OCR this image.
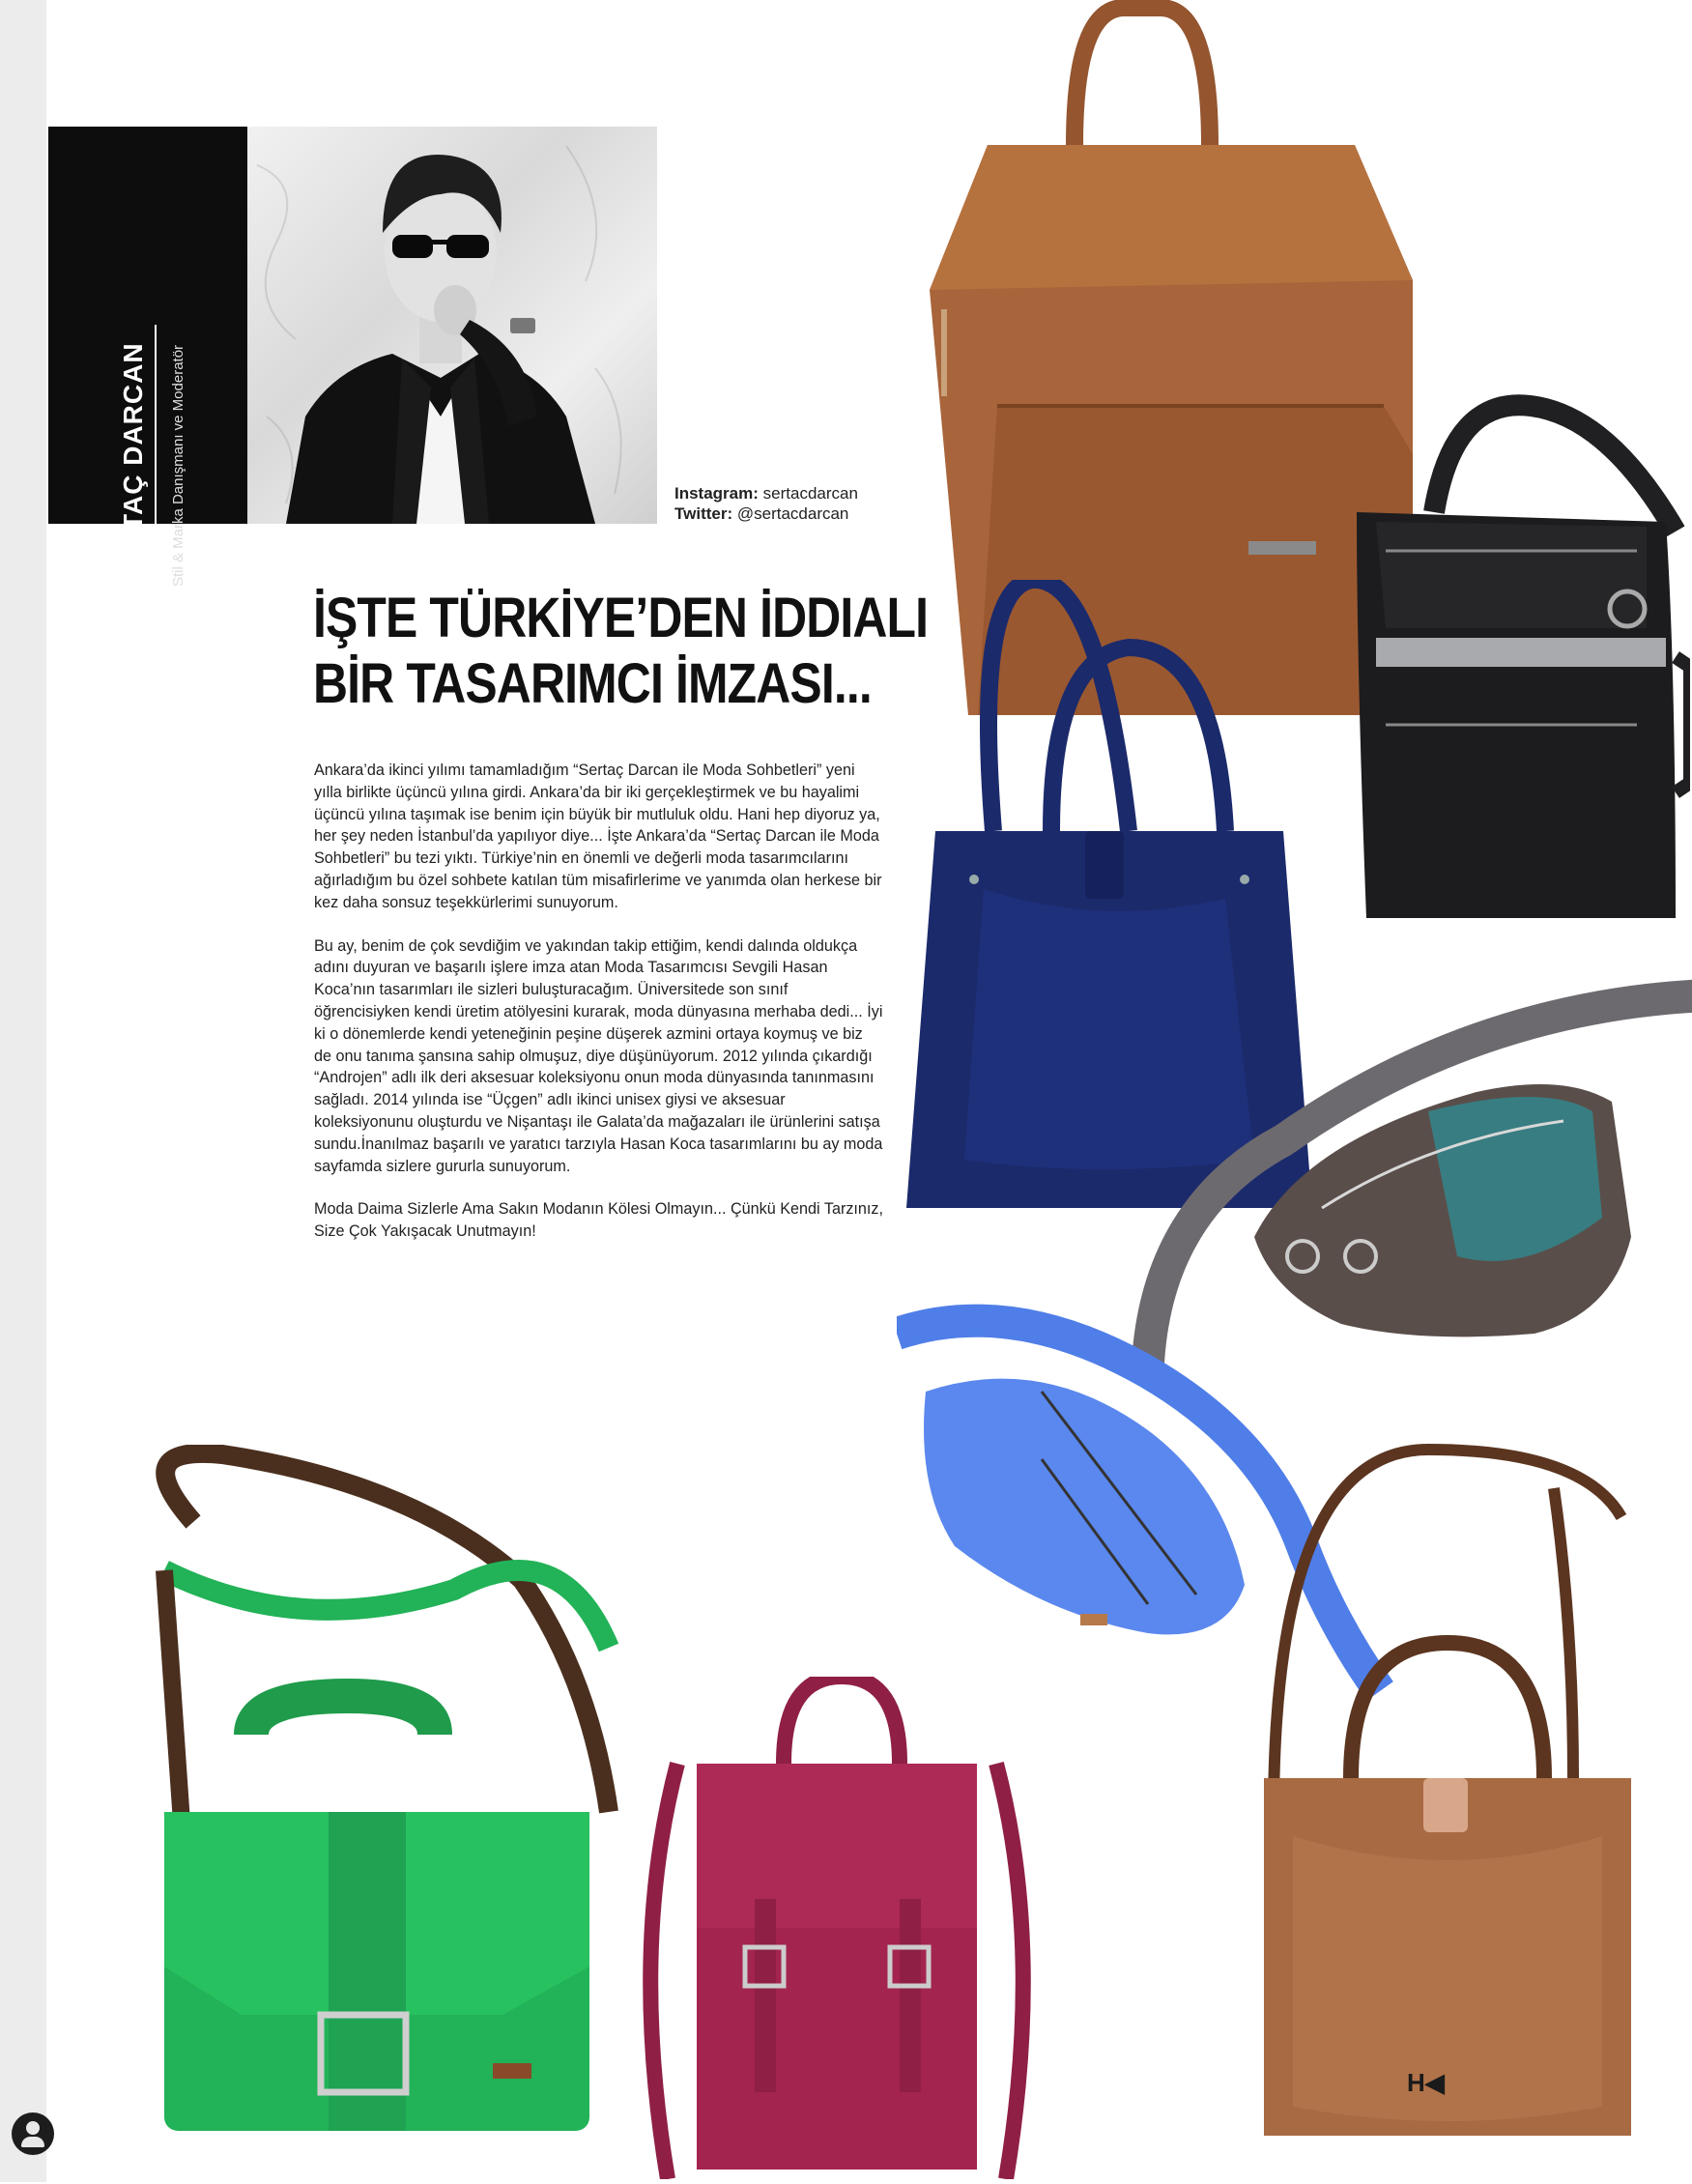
SERTAÇ DARCAN Stil & Marka Danışmanı ve Moderatör	Instagram: sertacdarcan
Twitter: @sertacdarcan
İŞTE TÜRKİYE’DEN İDDIALI
BİR TASARIMCI İMZASI...

Ankara’da ikinci yılımı tamamladığım “Sertaç Darcan ile Moda Sohbetleri” yeni yılla birlikte üçüncü yılına girdi. Ankara’da bir iki gerçekleştirmek ve bu hayalimi üçüncü yılına taşımak ise benim için büyük bir mutluluk oldu. Hani hep diyoruz ya, her şey neden İstanbul’da yapılıyor diye... İşte Ankara’da “Sertaç Darcan ile Moda Sohbetleri” bu tezi yıktı. Türkiye’nin en önemli ve değerli moda tasarımcılarını ağırladığım bu özel sohbete katılan tüm misafirlerime ve yanımda olan herkese bir kez daha sonsuz teşekkürlerimi sunuyorum.

Bu ay, benim de çok sevdiğim ve yakından takip ettiğim, kendi dalında oldukça adını duyuran ve başarılı işlere imza atan Moda Tasarımcısı Sevgili Hasan Koca’nın tasarımları ile sizleri buluşturacağım. Üniversitede son sınıf öğrencisiyken kendi üretim atölyesini kurarak, moda dünyasına merhaba dedi... İyi ki o dönemlerde kendi yeteneğinin peşine düşerek azmini ortaya koymuş ve biz de onu tanıma şansına sahip olmuşuz, diye düşünüyorum. 2012 yılında çıkardığı “Androjen” adlı ilk deri aksesuar koleksiyonu onun moda dünyasında tanınmasını sağladı. 2014 yılında ise “Üçgen” adlı ikinci unisex giysi ve aksesuar koleksiyonunu oluşturdu ve Nişantaşı ile Galata’da mağazaları ile ürünlerini satışa sundu.İnanılmaz başarılı ve yaratıcı tarzıyla Hasan Koca tasarımlarını bu ay moda sayfamda sizlere gururla sunuyorum.

Moda Daima Sizlerle Ama Sakın Modanın Kölesi Olmayın... Çünkü Kendi Tarzınız, Size Çok Yakışacak Unutmayın!

H◀
